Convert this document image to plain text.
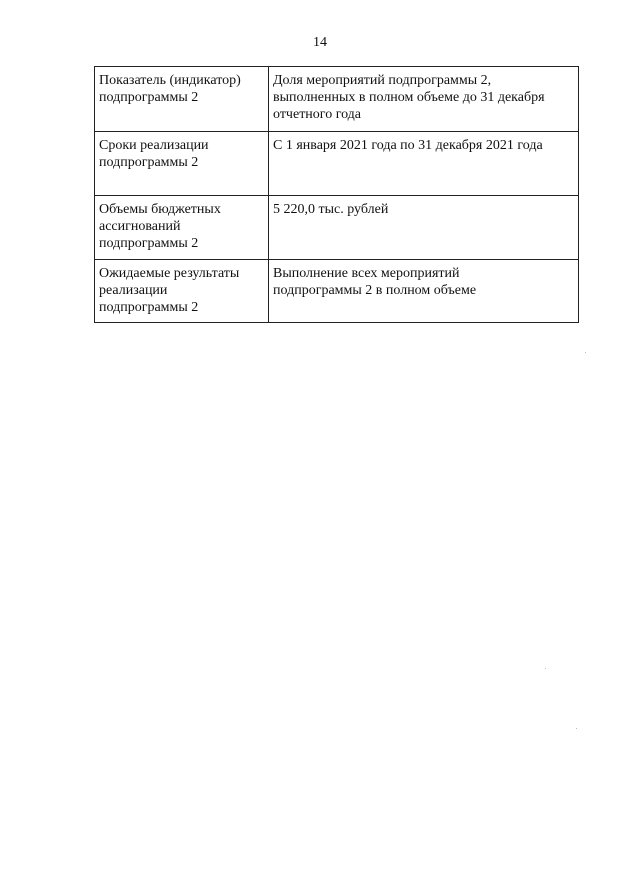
14
Показатель (индикатор)
подпрограммы 2	Доля мероприятий подпрограммы 2,
выполненных в полном объеме до 31 декабря
отчетного года
Сроки реализации
подпрограммы 2	С 1 января 2021 года по 31 декабря 2021 года
Объемы бюджетных
ассигнований
подпрограммы 2	5 220,0 тыс. рублей
Ожидаемые результаты
реализации
подпрограммы 2	Выполнение всех мероприятий
подпрограммы 2 в полном объеме
